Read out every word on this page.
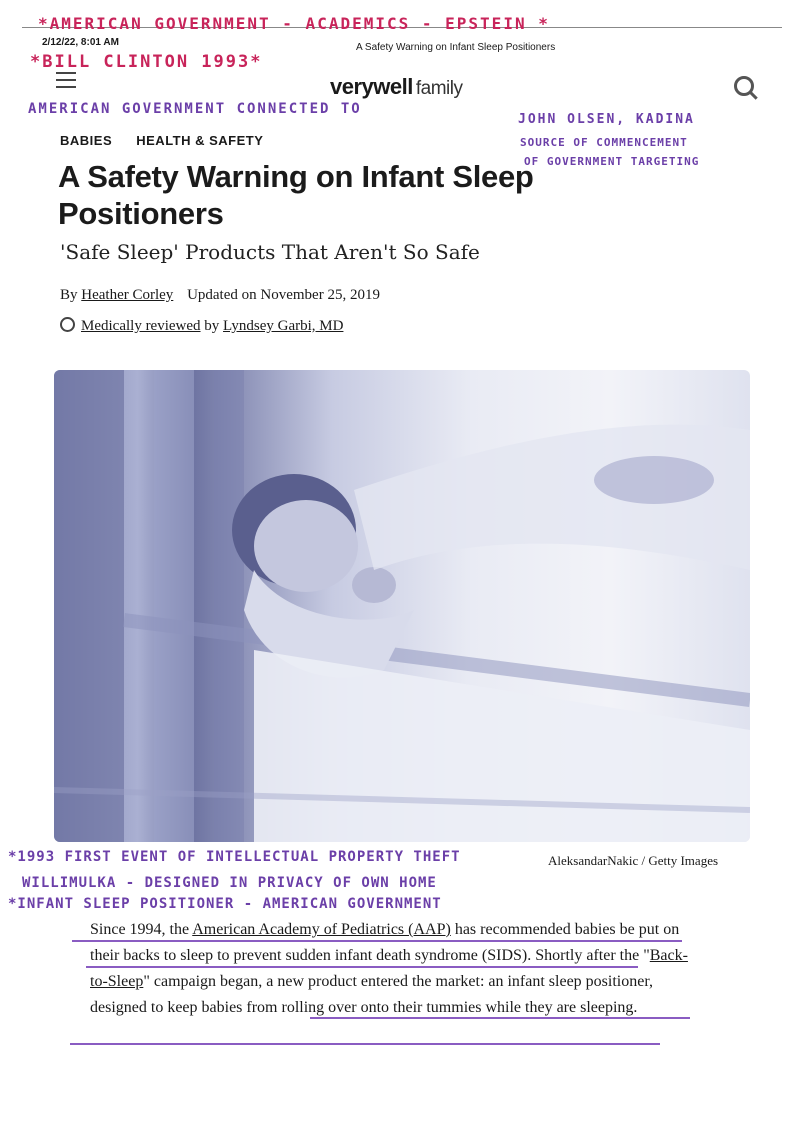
2/12/22, 8:01 AM	A Safety Warning on Infant Sleep Positioners
*AMERICAN GOVERNMENT - ACADEMICS - EPSTEIN *
*BILL CLINTON 1993*
verywell family
AMERICAN GOVERNMENT CONNECTED TO
JOHN OLSEN, KADINA
SOURCE OF COMMENCEMENT
OF GOVERNMENT TARGETING
BABIES HEALTH & SAFETY
A Safety Warning on Infant Sleep Positioners
'Safe Sleep' Products That Aren't So Safe
By Heather Corley Updated on November 25, 2019
Medically reviewed by Lyndsey Garbi, MD
AleksandarNakic / Getty Images
*1993 FIRST EVENT OF INTELLECTUAL PROPERTY THEFT
WILLIMULKA - DESIGNED IN PRIVACY OF OWN HOME
*INFANT SLEEP POSITIONER - AMERICAN GOVERNMENT

Since 1994, the American Academy of Pediatrics (AAP) has recommended babies be put on their backs to sleep to prevent sudden infant death syndrome (SIDS). Shortly after the "Back-to-Sleep" campaign began, a new product entered the market: an infant sleep positioner, designed to keep babies from rolling over onto their tummies while they are sleeping.
